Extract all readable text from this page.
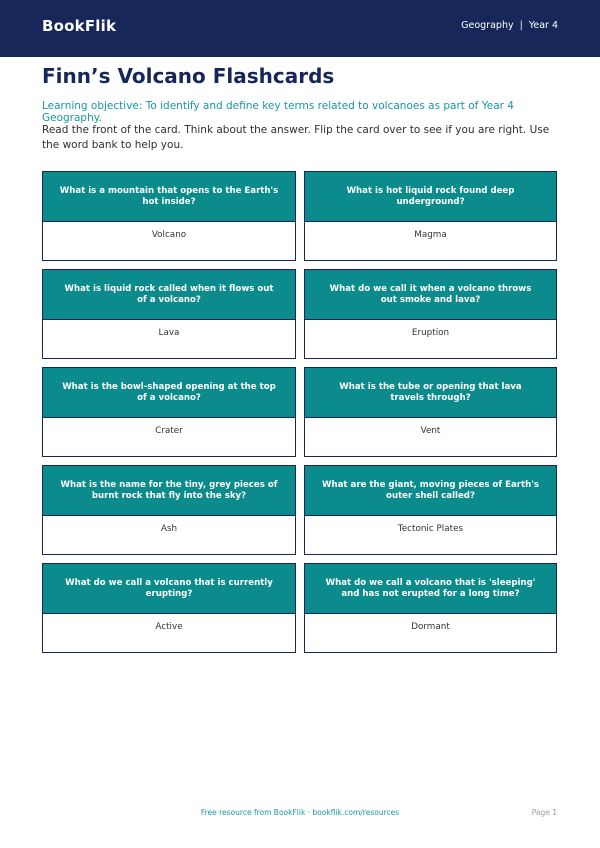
BookFlik	Geography | Year 4
Finn’s Volcano Flashcards

Learning objective: To identify and define key terms related to volcanoes as part of Year 4 Geography.

Read the front of the card. Think about the answer. Flip the card over to see if you are right. Use the word bank to help you.

What is a mountain that opens to the Earth's hot inside?
Volcano
What is hot liquid rock found deep underground?
Magma
What is liquid rock called when it flows out of a volcano?
Lava
What do we call it when a volcano throws out smoke and lava?
Eruption
What is the bowl-shaped opening at the top of a volcano?
Crater
What is the tube or opening that lava travels through?
Vent
What is the name for the tiny, grey pieces of burnt rock that fly into the sky?
Ash
What are the giant, moving pieces of Earth's outer shell called?
Tectonic Plates
What do we call a volcano that is currently erupting?
Active
What do we call a volcano that is 'sleeping' and has not erupted for a long time?
Dormant
Free resource from BookFlik · bookflik.com/resources	Page 1
